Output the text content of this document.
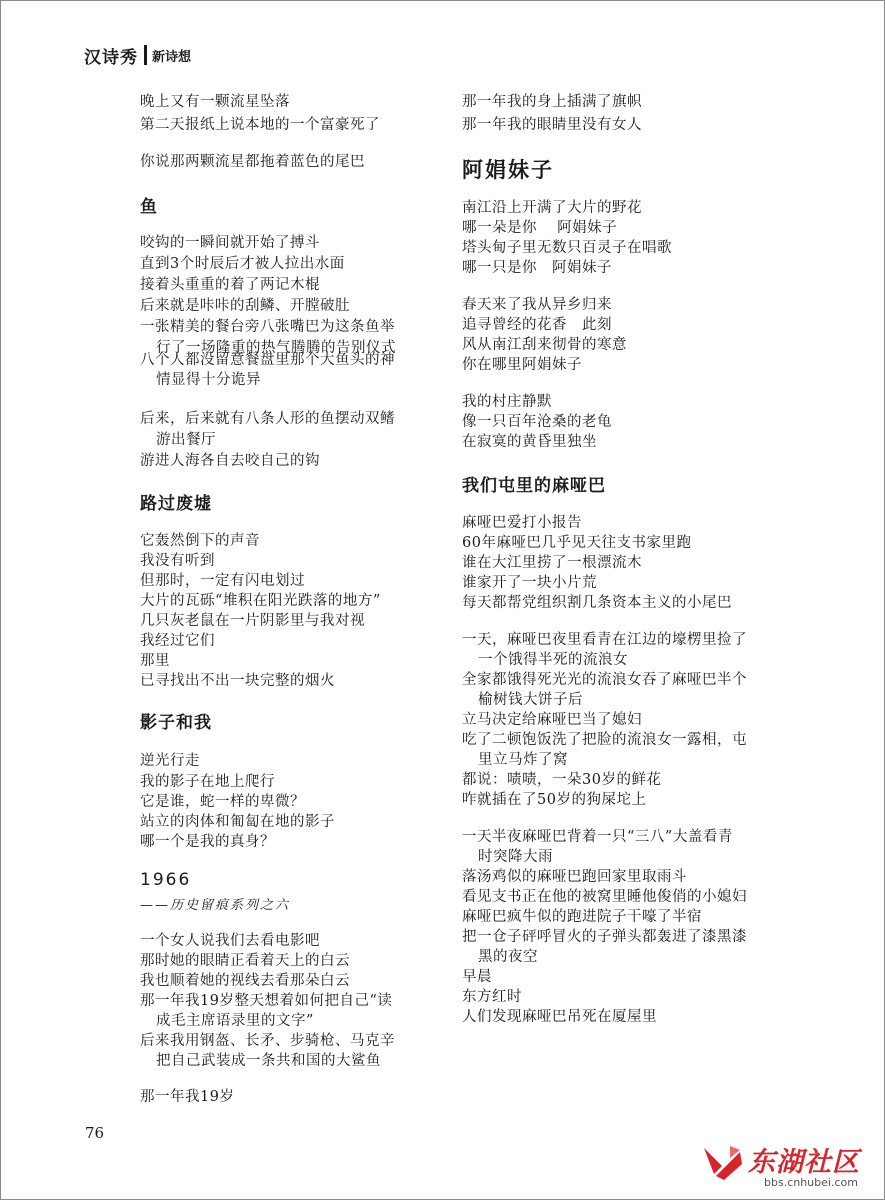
汉诗秀 新诗想
晚上又有一颗流星坠落
第二天报纸上说本地的一个富豪死了
你说那两颗流星都拖着蓝色的尾巴
鱼
咬钩的一瞬间就开始了搏斗
直到3个时辰后才被人拉出水面
接着头重重的着了两记木棍
后来就是咔咔的刮鳞、开膛破肚
一张精美的餐台旁八张嘴巴为这条鱼举
行了一场隆重的热气腾腾的告别仪式
八个人都没留意餐盘里那个大鱼头的神
情显得十分诡异
后来，后来就有八条人形的鱼摆动双鳍
游出餐厅
游进人海各自去咬自己的钩
路过废墟
它轰然倒下的声音
我没有听到
但那时，一定有闪电划过
大片的瓦砾“堆积在阳光跌落的地方”
几只灰老鼠在一片阴影里与我对视
我经过它们
那里
已寻找出不出一块完整的烟火
影子和我
逆光行走
我的影子在地上爬行
它是谁，蛇一样的卑微？
站立的肉体和匍匐在地的影子
哪一个是我的真身？
1966
——历史留痕系列之六
一个女人说我们去看电影吧
那时她的眼睛正看着天上的白云
我也顺着她的视线去看那朵白云
那一年我19岁整天想着如何把自己“读
成毛主席语录里的文字”
后来我用钢盔、长矛、步骑枪、马克辛
把自己武装成一条共和国的大鲨鱼
那一年我19岁
那一年我的身上插满了旗帜
那一年我的眼睛里没有女人
阿娟妹子
南江沿上开满了大片的野花
哪一朵是你　 阿娟妹子
塔头甸子里无数只百灵子在唱歌
哪一只是你　阿娟妹子
春天来了我从异乡归来
追寻曾经的花香　此刻
风从南江刮来彻骨的寒意
你在哪里阿娟妹子
我的村庄静默
像一只百年沧桑的老龟
在寂寞的黄昏里独坐
我们屯里的麻哑巴
麻哑巴爱打小报告
60年麻哑巴几乎见天往支书家里跑
谁在大江里捞了一根漂流木
谁家开了一块小片荒
每天都帮党组织割几条资本主义的小尾巴
一天，麻哑巴夜里看青在江边的壕楞里捡了
一个饿得半死的流浪女
全家都饿得死光光的流浪女吞了麻哑巴半个
榆树钱大饼子后
立马决定给麻哑巴当了媳妇
吃了二顿饱饭洗了把脸的流浪女一露相，屯
里立马炸了窝
都说：啧啧，一朵30岁的鲜花
咋就插在了50岁的狗屎坨上
一天半夜麻哑巴背着一只“三八”大盖看青
时突降大雨
落汤鸡似的麻哑巴跑回家里取雨斗
看见支书正在他的被窝里睡他俊俏的小媳妇
麻哑巴疯牛似的跑进院子干嚎了半宿
把一仓子砰呼冒火的子弹头都轰进了漆黑漆
黑的夜空
早晨
东方红时
人们发现麻哑巴吊死在厦屋里
76
东湖社区
bbs.cnhubei.com
